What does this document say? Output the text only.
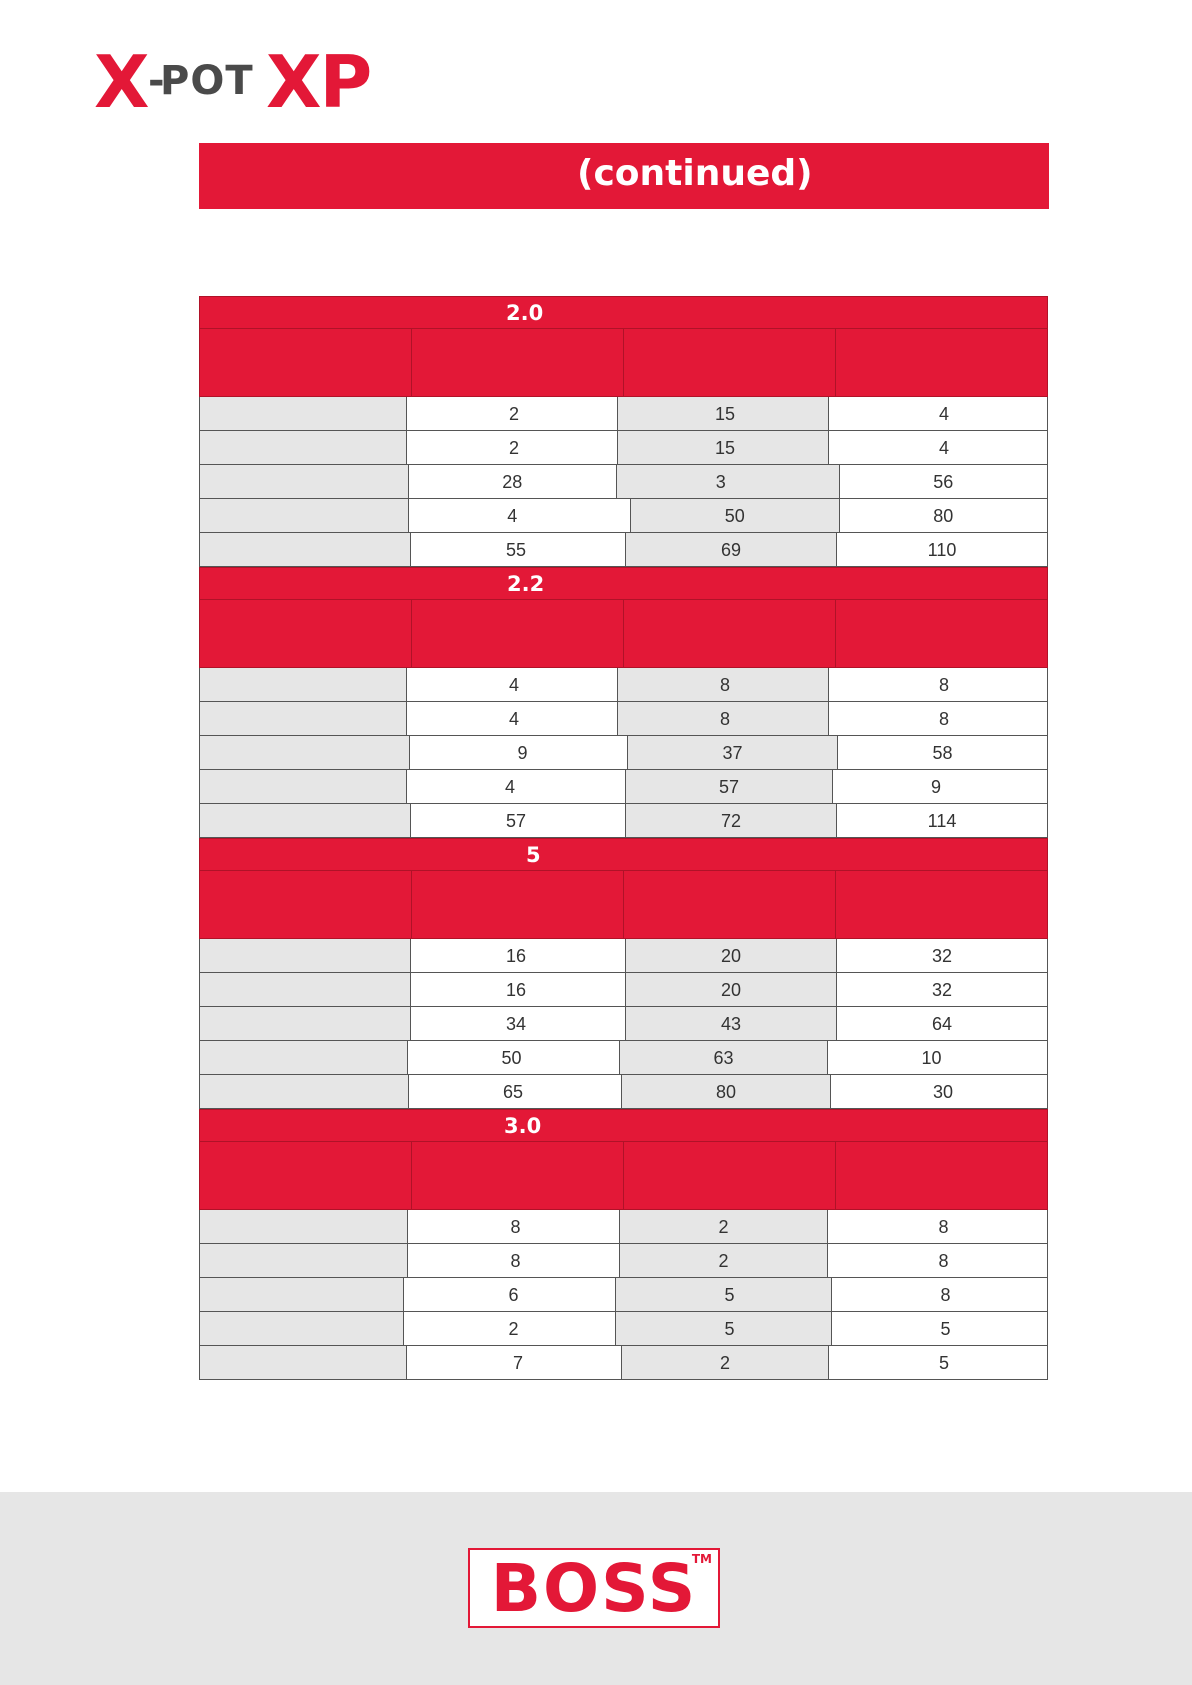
X -
POT XP
(continued)
2.0
2	15	4
2	15	4
28	3	56
4	50	80
55	69	110
2.2
4	8	8
4	8	8
9	37	58
4	57	9
57	72	114
5
16	20	32
16	20	32
34	43	64
50	63	10
65	80	30
3.0
8	2	8
8	2	8
6	5	8
2	5	5
7	2	5
BOSS
TM
